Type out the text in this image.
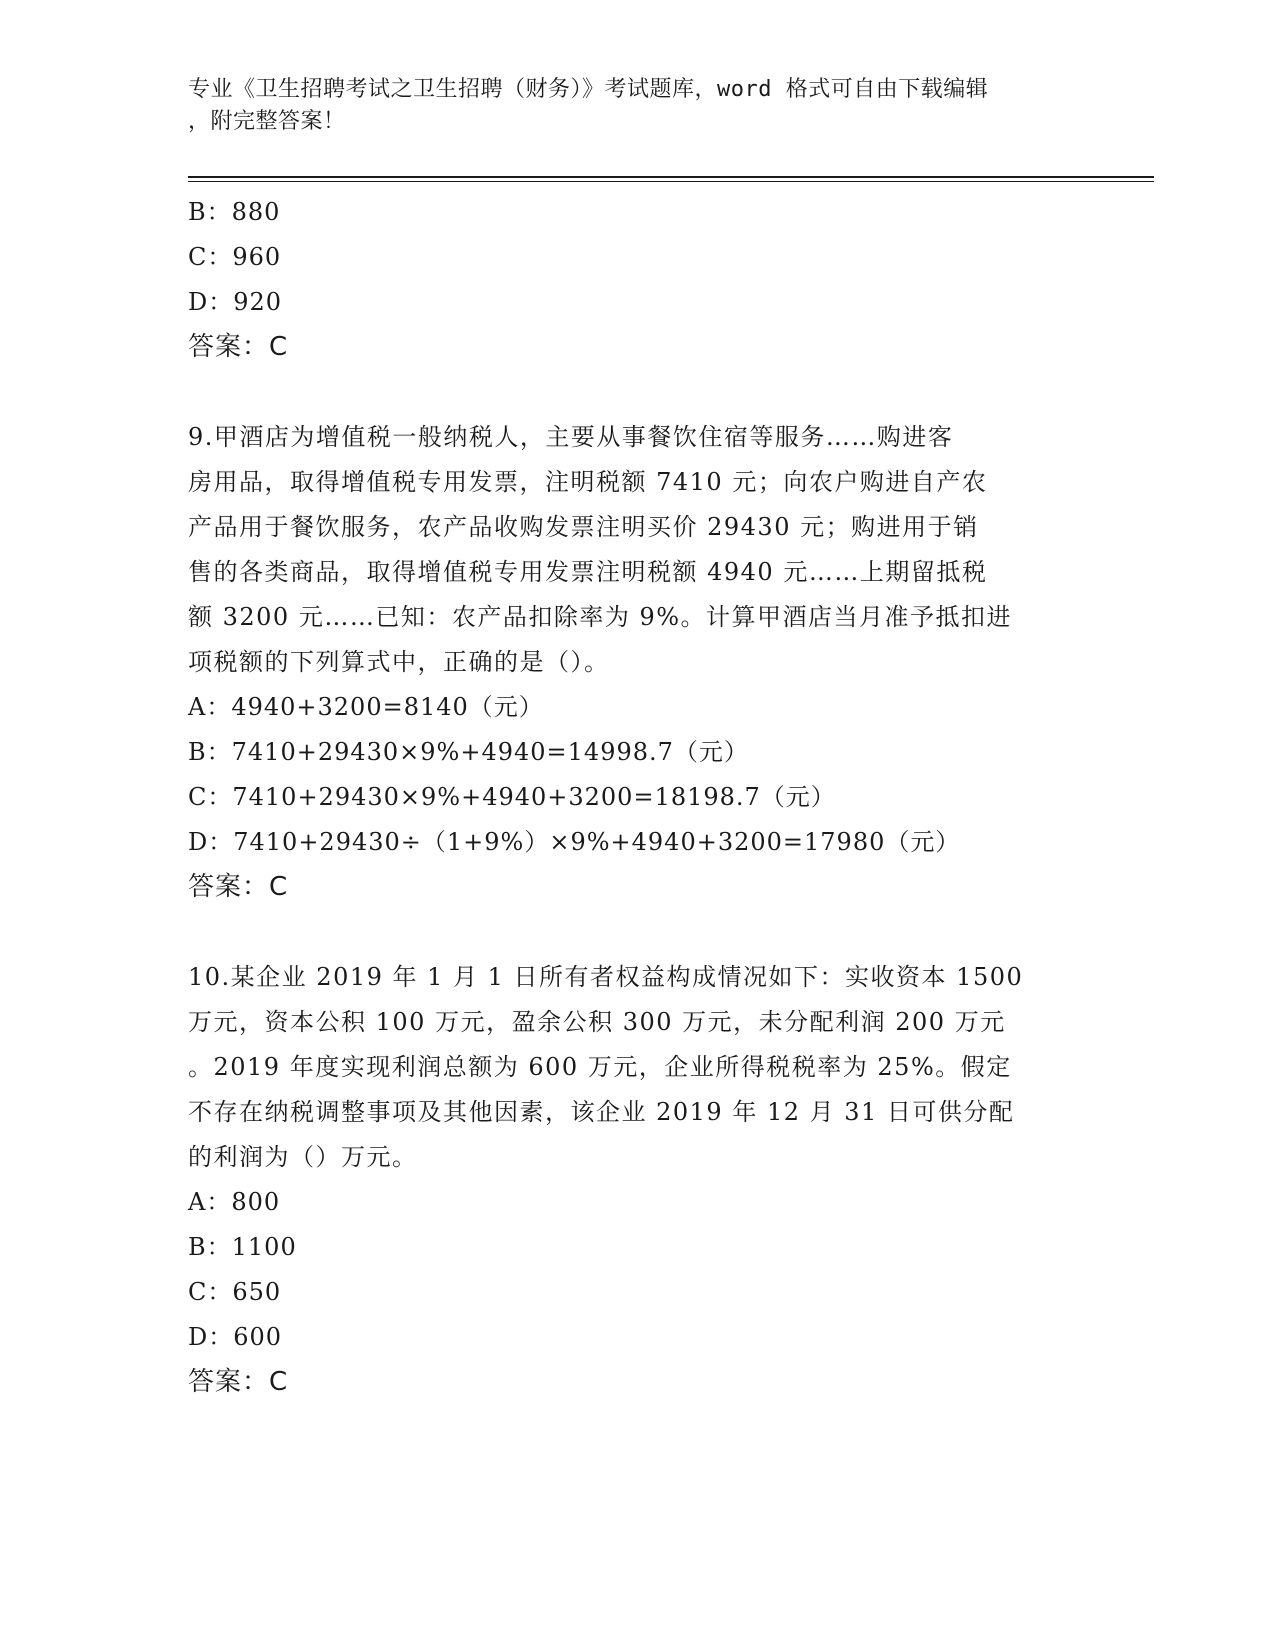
专业《卫生招聘考试之卫生招聘（财务）》考试题库，word 格式可自由下载编辑
，附完整答案！
B：880
C：960
D：920
答案：C
9.甲酒店为增值税一般纳税人，主要从事餐饮住宿等服务……购进客
房用品，取得增值税专用发票，注明税额 7410 元；向农户购进自产农
产品用于餐饮服务，农产品收购发票注明买价 29430 元；购进用于销
售的各类商品，取得增值税专用发票注明税额 4940 元……上期留抵税
额 3200 元……已知：农产品扣除率为 9%。计算甲酒店当月准予抵扣进
项税额的下列算式中，正确的是（）。
A：4940+3200=8140（元）
B：7410+29430×9%+4940=14998.7（元）
C：7410+29430×9%+4940+3200=18198.7（元）
D：7410+29430÷（1+9%）×9%+4940+3200=17980（元）
答案：C
10.某企业 2019 年 1 月 1 日所有者权益构成情况如下：实收资本 1500
万元，资本公积 100 万元，盈余公积 300 万元，未分配利润 200 万元
。2019 年度实现利润总额为 600 万元，企业所得税税率为 25%。假定
不存在纳税调整事项及其他因素，该企业 2019 年 12 月 31 日可供分配
的利润为（）万元。
A：800
B：1100
C：650
D：600
答案：C
